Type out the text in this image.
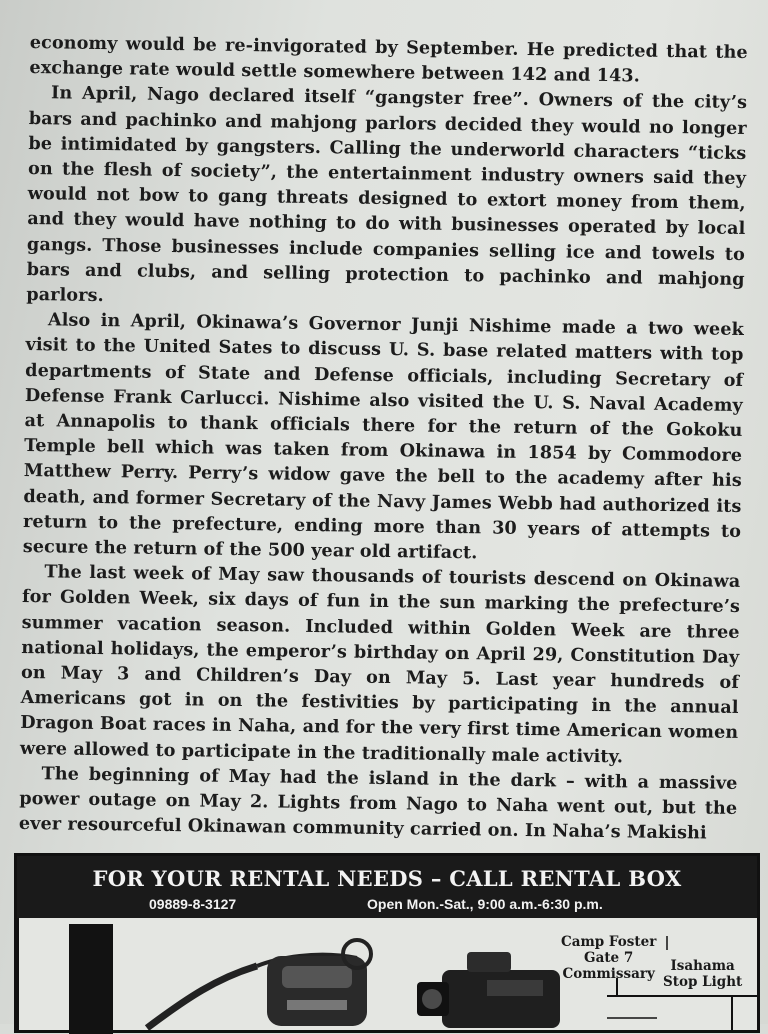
economy would be re-invigorated by September. He predicted that the exchange rate would settle somewhere between 142 and 143.

In April, Nago declared itself “gangster free”. Owners of the city’s bars and pachinko and mahjong parlors decided they would no longer be intimidated by gangsters. Calling the underworld characters “ticks on the flesh of society”, the entertainment industry owners said they would not bow to gang threats designed to extort money from them, and they would have nothing to do with businesses operated by local gangs. Those businesses include companies selling ice and towels to bars and clubs, and selling protection to pachinko and mahjong parlors.

Also in April, Okinawa’s Governor Junji Nishime made a two week visit to the United Sates to discuss U. S. base related matters with top departments of State and Defense officials, including Secretary of Defense Frank Carlucci. Nishime also visited the U. S. Naval Academy at Annapolis to thank officials there for the return of the Gokoku Temple bell which was taken from Okinawa in 1854 by Commodore Matthew Perry. Perry’s widow gave the bell to the academy after his death, and former Secretary of the Navy James Webb had authorized its return to the prefecture, ending more than 30 years of attempts to secure the return of the 500 year old artifact.

The last week of May saw thousands of tourists descend on Okinawa for Golden Week, six days of fun in the sun marking the prefecture’s summer vacation season. Included within Golden Week are three national holidays, the emperor’s birthday on April 29, Constitution Day on May 3 and Children’s Day on May 5. Last year hundreds of Americans got in on the festivities by participating in the annual Dragon Boat races in Naha, and for the very first time American women were allowed to participate in the traditionally male activity.

The beginning of May had the island in the dark – with a massive power outage on May 2. Lights from Nago to Naha went out, but the ever resourceful Okinawan community carried on. In Naha’s Makishi

FOR YOUR RENTAL NEEDS – CALL RENTAL BOX
09889-8-3127	Open Mon.-Sat., 9:00 a.m.-6:30 p.m.
Camp Foster
Gate 7
Commissary	Isahama
Stop Light
